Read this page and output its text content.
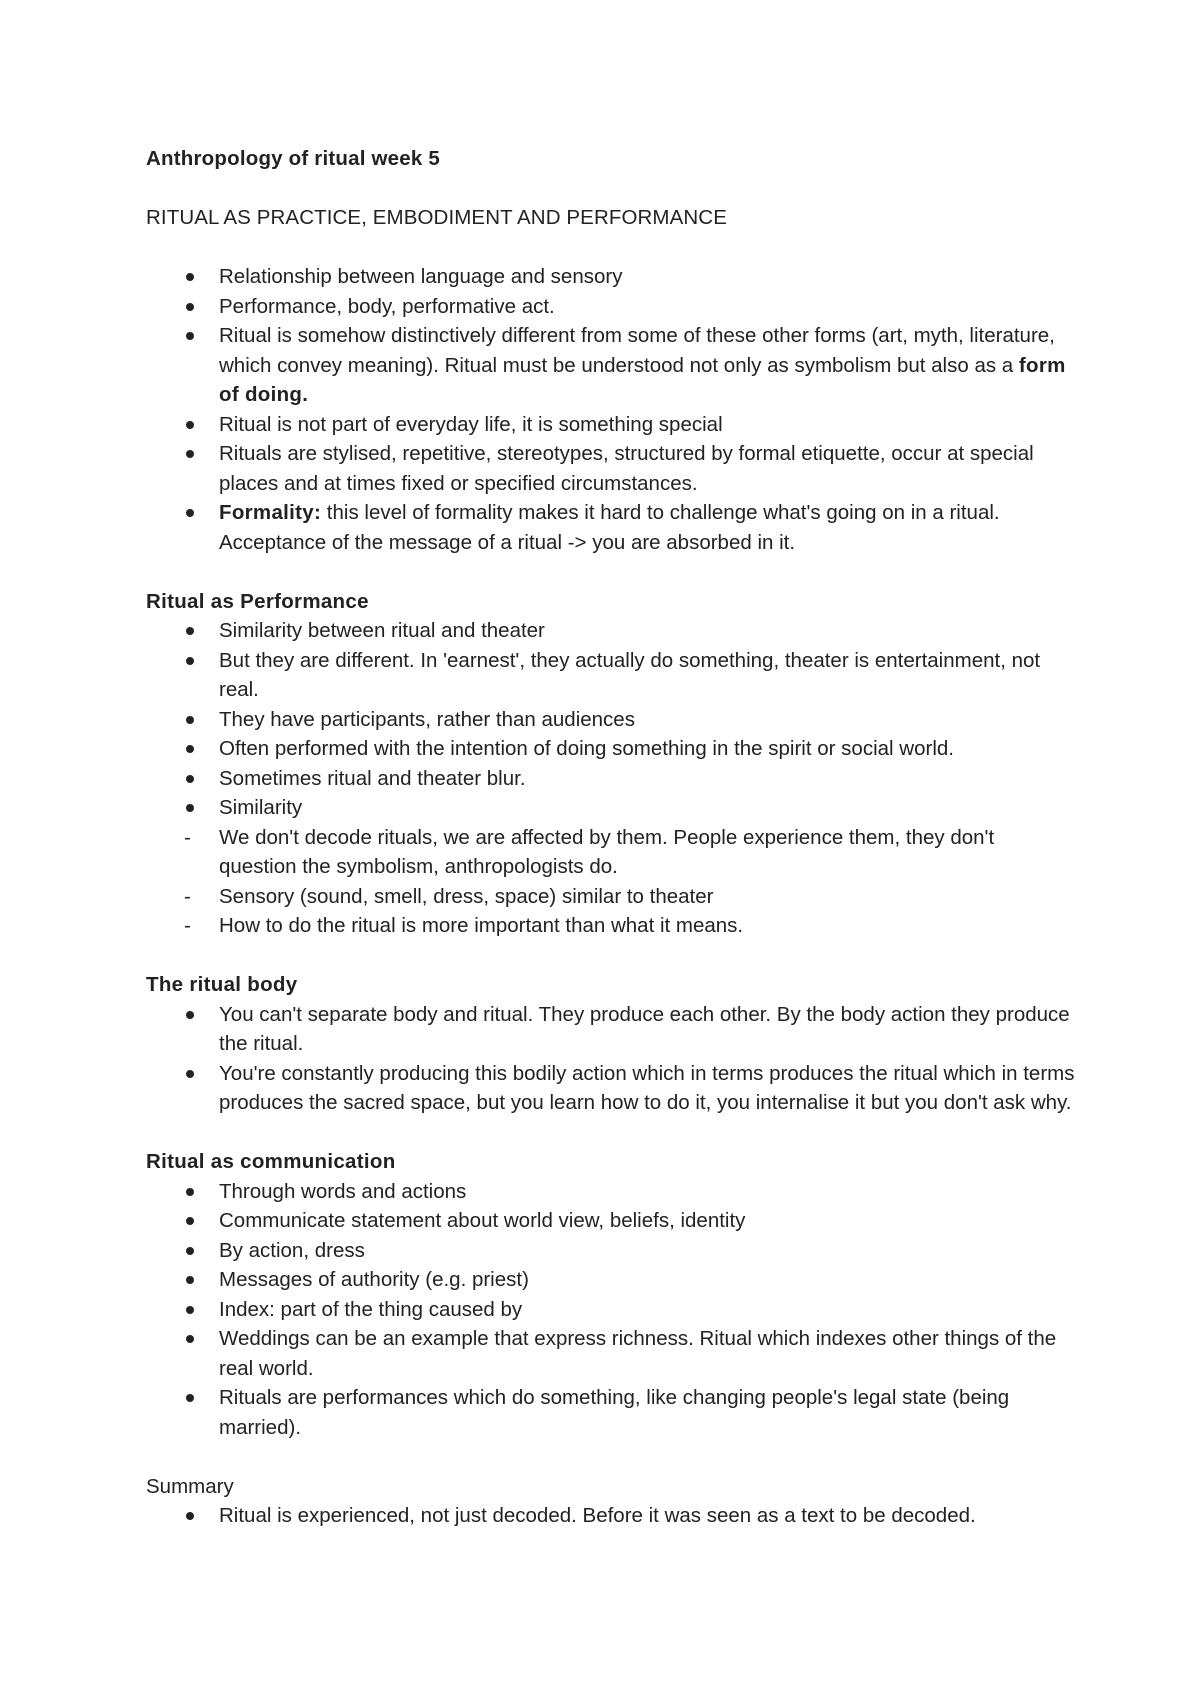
Anthropology of ritual week 5
RITUAL AS PRACTICE, EMBODIMENT AND PERFORMANCE
Relationship between language and sensory
Performance, body, performative act.
Ritual is somehow distinctively different from some of these other forms (art, myth, literature, which convey meaning). Ritual must be understood not only as symbolism but also as a form of doing.
Ritual is not part of everyday life, it is something special
Rituals are stylised, repetitive, stereotypes, structured by formal etiquette, occur at special places and at times fixed or specified circumstances.
Formality: this level of formality makes it hard to challenge what's going on in a ritual. Acceptance of the message of a ritual -> you are absorbed in it.
Ritual as Performance
Similarity between ritual and theater
But they are different. In 'earnest', they actually do something, theater is entertainment, not real.
They have participants, rather than audiences
Often performed with the intention of doing something in the spirit or social world.
Sometimes ritual and theater blur.
Similarity
- We don't decode rituals, we are affected by them. People experience them, they don't question the symbolism, anthropologists do.
- Sensory (sound, smell, dress, space) similar to theater
- How to do the ritual is more important than what it means.
The ritual body
You can't separate body and ritual. They produce each other. By the body action they produce the ritual.
You're constantly producing this bodily action which in terms produces the ritual which in terms produces the sacred space, but you learn how to do it, you internalise it but you don't ask why.
Ritual as communication
Through words and actions
Communicate statement about world view, beliefs, identity
By action, dress
Messages of authority (e.g. priest)
Index: part of the thing caused by
Weddings can be an example that express richness. Ritual which indexes other things of the real world.
Rituals are performances which do something, like changing people's legal state (being married).
Summary
Ritual is experienced, not just decoded. Before it was seen as a text to be decoded.
